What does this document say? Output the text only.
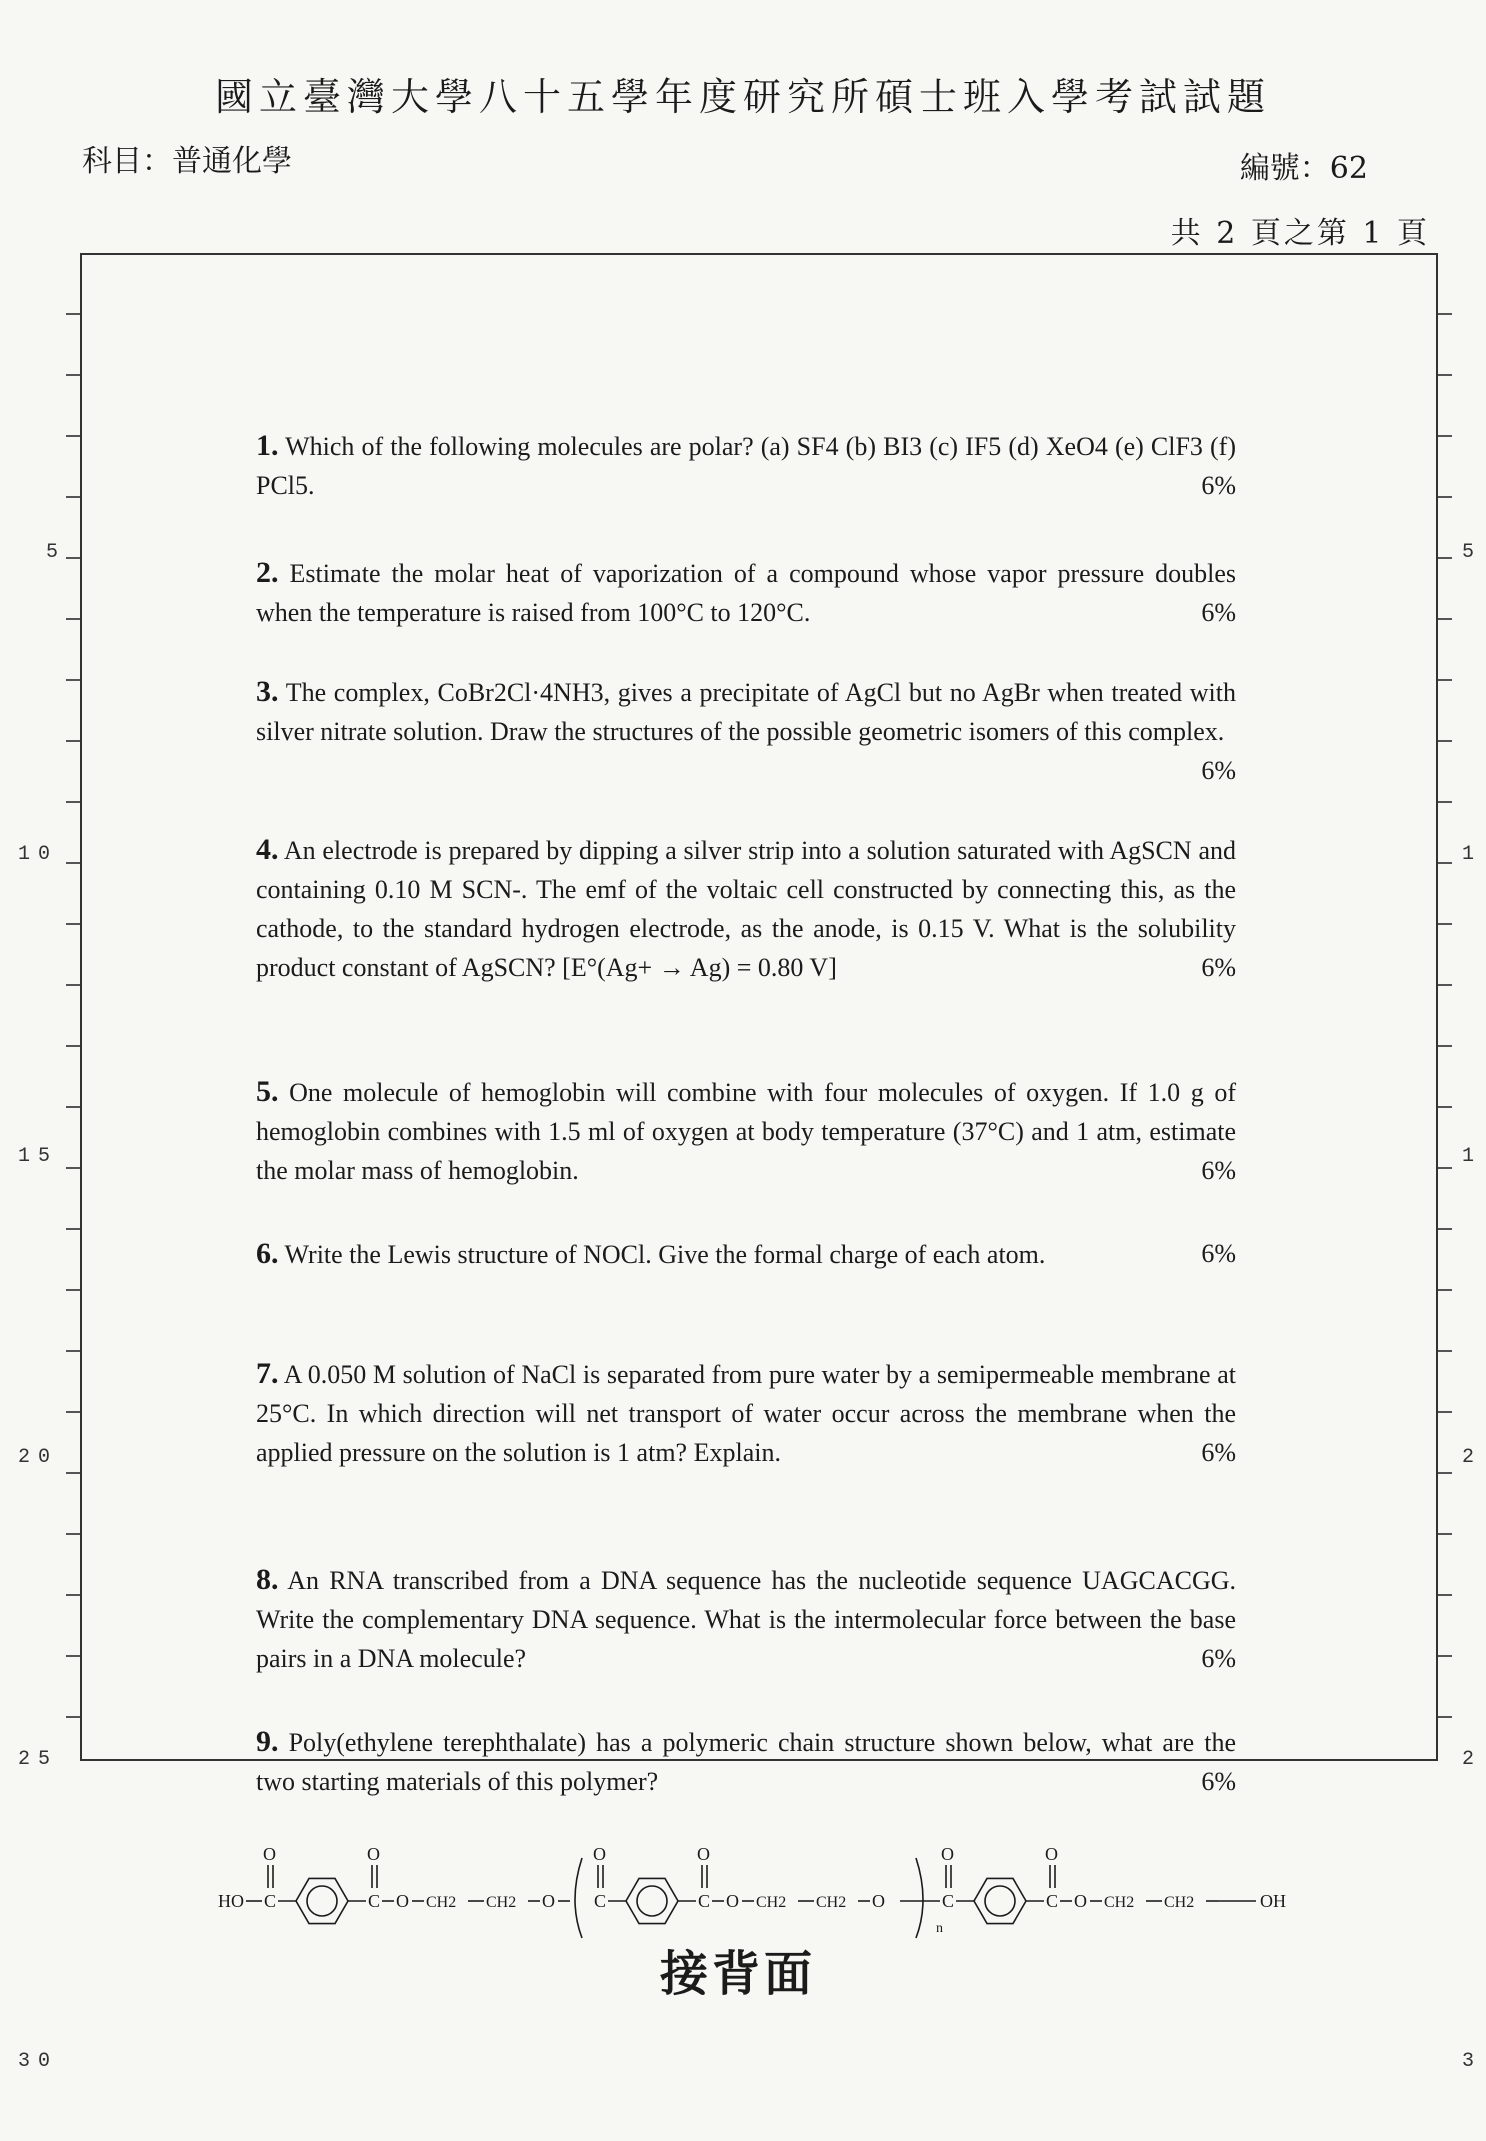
國立臺灣大學八十五學年度研究所碩士班入學考試試題
科目：普通化學	編號：62
共 2 頁之第 1 頁
5
10
15
20
25
30
5
1
1
2
2
3
1. Which of the following molecules are polar? (a) SF4 (b) BI3 (c) IF5 (d) XeO4 (e) ClF3 (f) PCl5.	6%
2. Estimate the molar heat of vaporization of a compound whose vapor pressure doubles when the temperature is raised from 100°C to 120°C.	6%
3. The complex, CoBr2Cl·4NH3, gives a precipitate of AgCl but no AgBr when treated with silver nitrate solution. Draw the structures of the possible geometric isomers of this complex.
6%
4. An electrode is prepared by dipping a silver strip into a solution saturated with AgSCN and containing 0.10 M SCN-. The emf of the voltaic cell constructed by connecting this, as the cathode, to the standard hydrogen electrode, as the anode, is 0.15 V. What is the solubility product constant of AgSCN? [E°(Ag+ → Ag) = 0.80 V]	6%
5. One molecule of hemoglobin will combine with four molecules of oxygen. If 1.0 g of hemoglobin combines with 1.5 ml of oxygen at body temperature (37°C) and 1 atm, estimate the molar mass of hemoglobin.	6%
6. Write the Lewis structure of NOCl. Give the formal charge of each atom.	6%
7. A 0.050 M solution of NaCl is separated from pure water by a semipermeable membrane at 25°C. In which direction will net transport of water occur across the membrane when the applied pressure on the solution is 1 atm? Explain.	6%
8. An RNA transcribed from a DNA sequence has the nucleotide sequence UAGCACGG. Write the complementary DNA sequence. What is the intermolecular force between the base pairs in a DNA molecule?	6%
9. Poly(ethylene terephthalate) has a polymeric chain structure shown below, what are the two starting materials of this polymer?	6%
HO	OH
n
C
O
C
O
O CH2 CH2 O C
O
C
O
O CH2 CH2 O	C
O
C
O
O CH2 CH2
接背面
